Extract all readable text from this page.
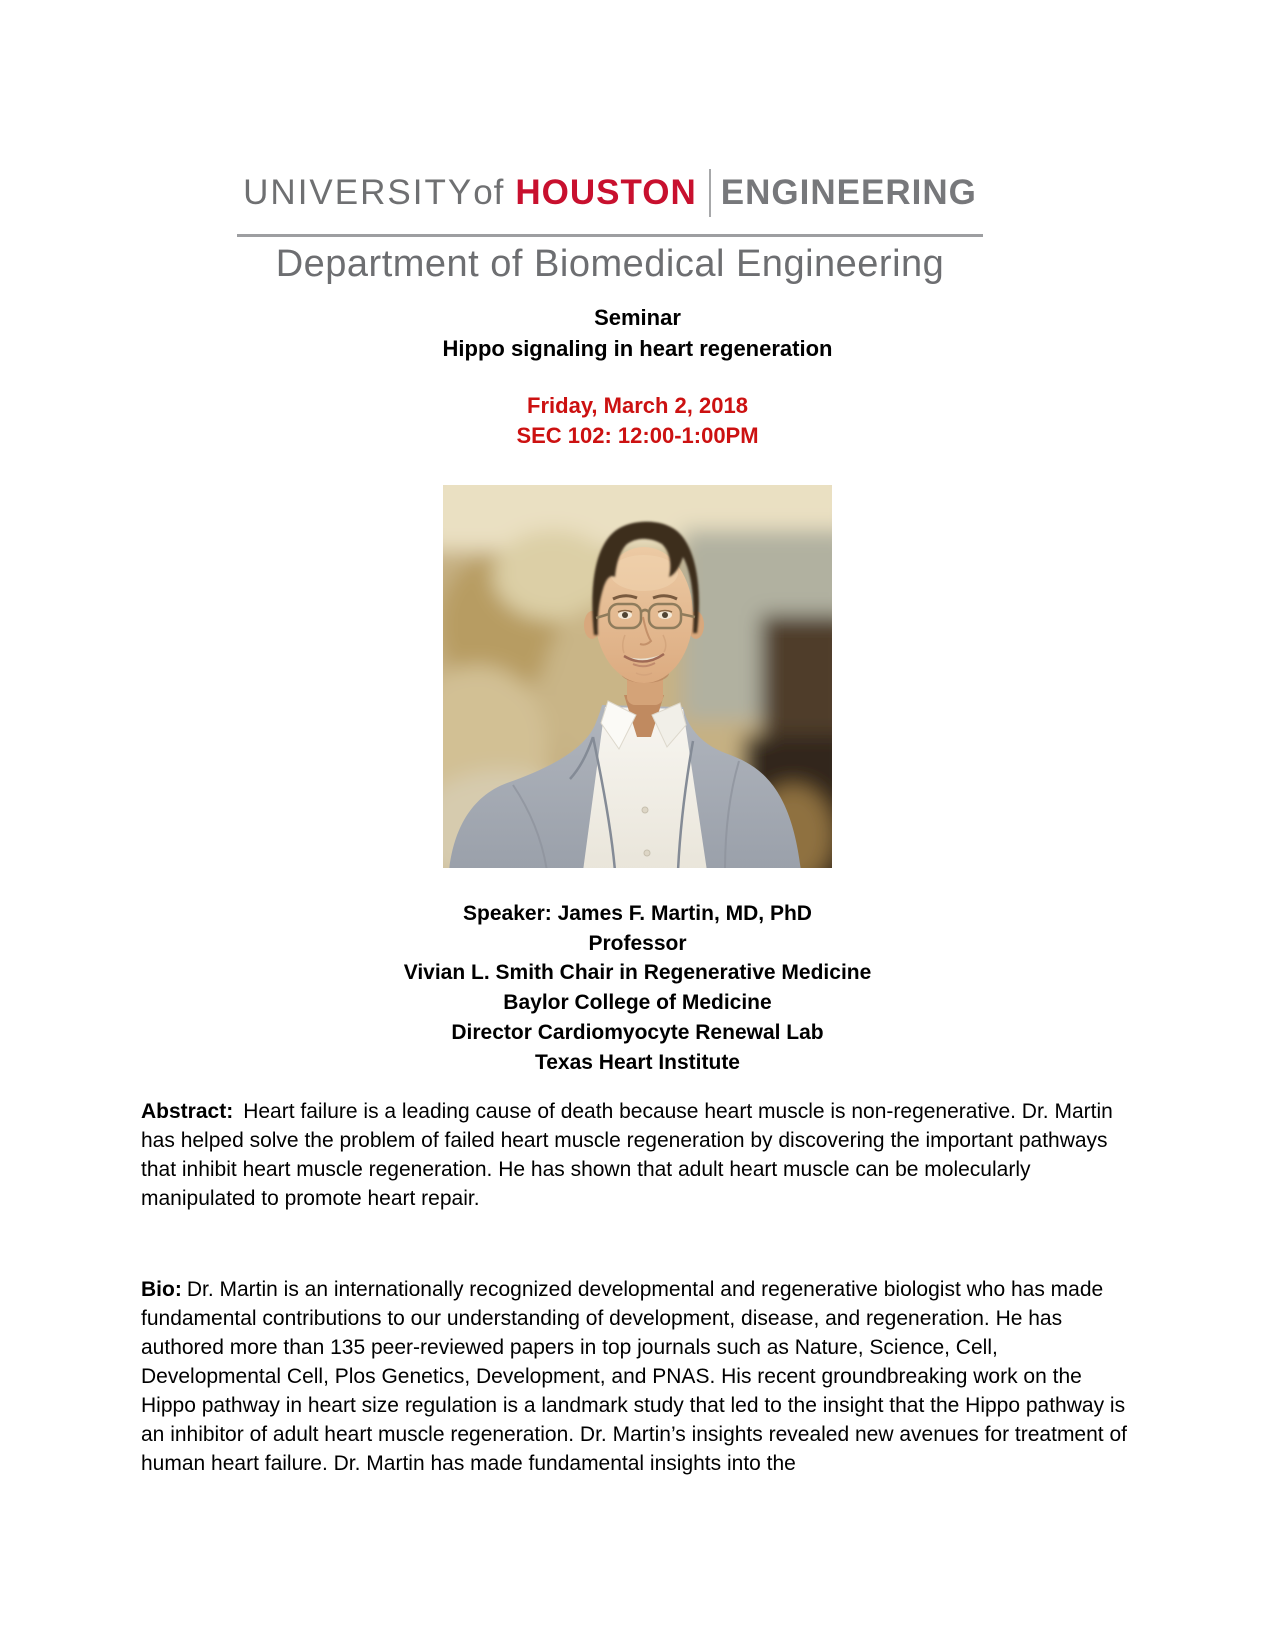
UNIVERSITY of HOUSTON ENGINEERING
Department of Biomedical Engineering
Seminar
Hippo signaling in heart regeneration
Friday, March 2, 2018
SEC 102: 12:00-1:00PM
Speaker: James F. Martin, MD, PhD
Professor
Vivian L. Smith Chair in Regenerative Medicine
Baylor College of Medicine
Director Cardiomyocyte Renewal Lab
Texas Heart Institute

Abstract: Heart failure is a leading cause of death because heart muscle is non-regenerative. Dr. Martin has helped solve the problem of failed heart muscle regeneration by discovering the important pathways that inhibit heart muscle regeneration. He has shown that adult heart muscle can be molecularly manipulated to promote heart repair.

Bio: Dr. Martin is an internationally recognized developmental and regenerative biologist who has made fundamental contributions to our understanding of development, disease, and regeneration. He has authored more than 135 peer-reviewed papers in top journals such as Nature, Science, Cell, Developmental Cell, Plos Genetics, Development, and PNAS. His recent groundbreaking work on the Hippo pathway in heart size regulation is a landmark study that led to the insight that the Hippo pathway is an inhibitor of adult heart muscle regeneration. Dr. Martin’s insights revealed new avenues for treatment of human heart failure. Dr. Martin has made fundamental insights into the
